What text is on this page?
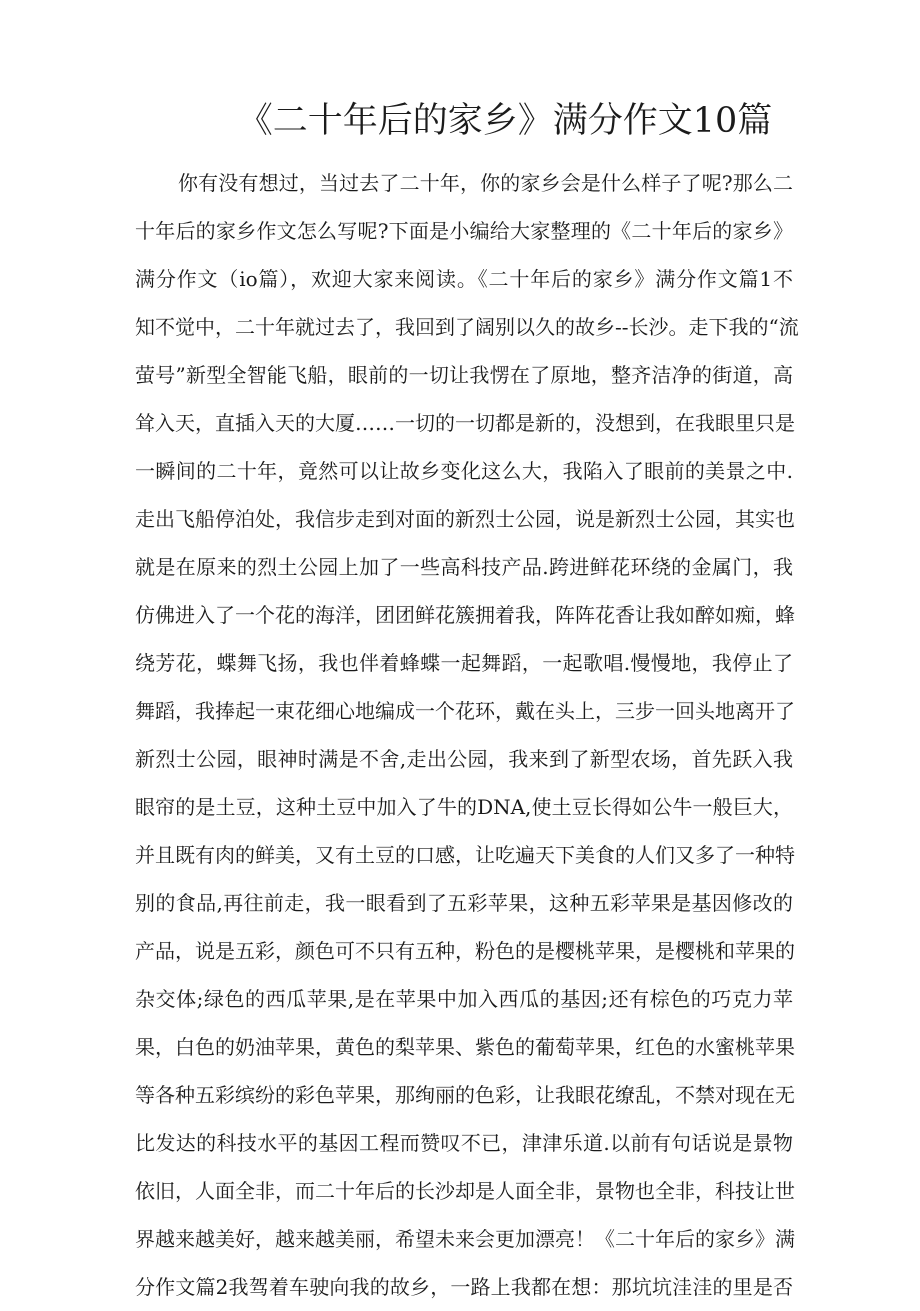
《二十年后的家乡》满分作文10篇
你有没有想过，当过去了二十年，你的家乡会是什么样子了呢?那么二
十年后的家乡作文怎么写呢?下面是小编给大家整理的《二十年后的家乡》
满分作文（io篇），欢迎大家来阅读。《二十年后的家乡》满分作文篇1不
知不觉中，二十年就过去了，我回到了阔别以久的故乡--长沙。走下我的“流
萤号”新型全智能飞船，眼前的一切让我愣在了原地，整齐洁净的街道，高
耸入天，直插入天的大厦……一切的一切都是新的，没想到，在我眼里只是
一瞬间的二十年，竟然可以让故乡变化这么大，我陷入了眼前的美景之中.
走出飞船停泊处，我信步走到对面的新烈士公园，说是新烈士公园，其实也
就是在原来的烈土公园上加了一些高科技产品.跨进鲜花环绕的金属门，我
仿佛进入了一个花的海洋，团团鲜花簇拥着我，阵阵花香让我如醉如痴，蜂
绕芳花，蝶舞飞扬，我也伴着蜂蝶一起舞蹈，一起歌唱.慢慢地，我停止了
舞蹈，我捧起一束花细心地编成一个花环，戴在头上，三步一回头地离开了
新烈士公园，眼神时满是不舍,走出公园，我来到了新型农场，首先跃入我
眼帘的是土豆，这种土豆中加入了牛的DNA,使土豆长得如公牛一般巨大，
并且既有肉的鲜美，又有土豆的口感，让吃遍天下美食的人们又多了一种特
别的食品,再往前走，我一眼看到了五彩苹果，这种五彩苹果是基因修改的
产品，说是五彩，颜色可不只有五种，粉色的是樱桃苹果，是樱桃和苹果的
杂交体;绿色的西瓜苹果,是在苹果中加入西瓜的基因;还有棕色的巧克力苹
果，白色的奶油苹果，黄色的梨苹果、紫色的葡萄苹果，红色的水蜜桃苹果
等各种五彩缤纷的彩色苹果，那绚丽的色彩，让我眼花缭乱，不禁对现在无
比发达的科技水平的基因工程而赞叹不已，津津乐道.以前有句话说是景物
依旧，人面全非，而二十年后的长沙却是人面全非，景物也全非，科技让世
界越来越美好，越来越美丽，希望未来会更加漂亮！《二十年后的家乡》满
分作文篇2我驾着车驶向我的故乡，一路上我都在想：那坑坑洼洼的里是否
